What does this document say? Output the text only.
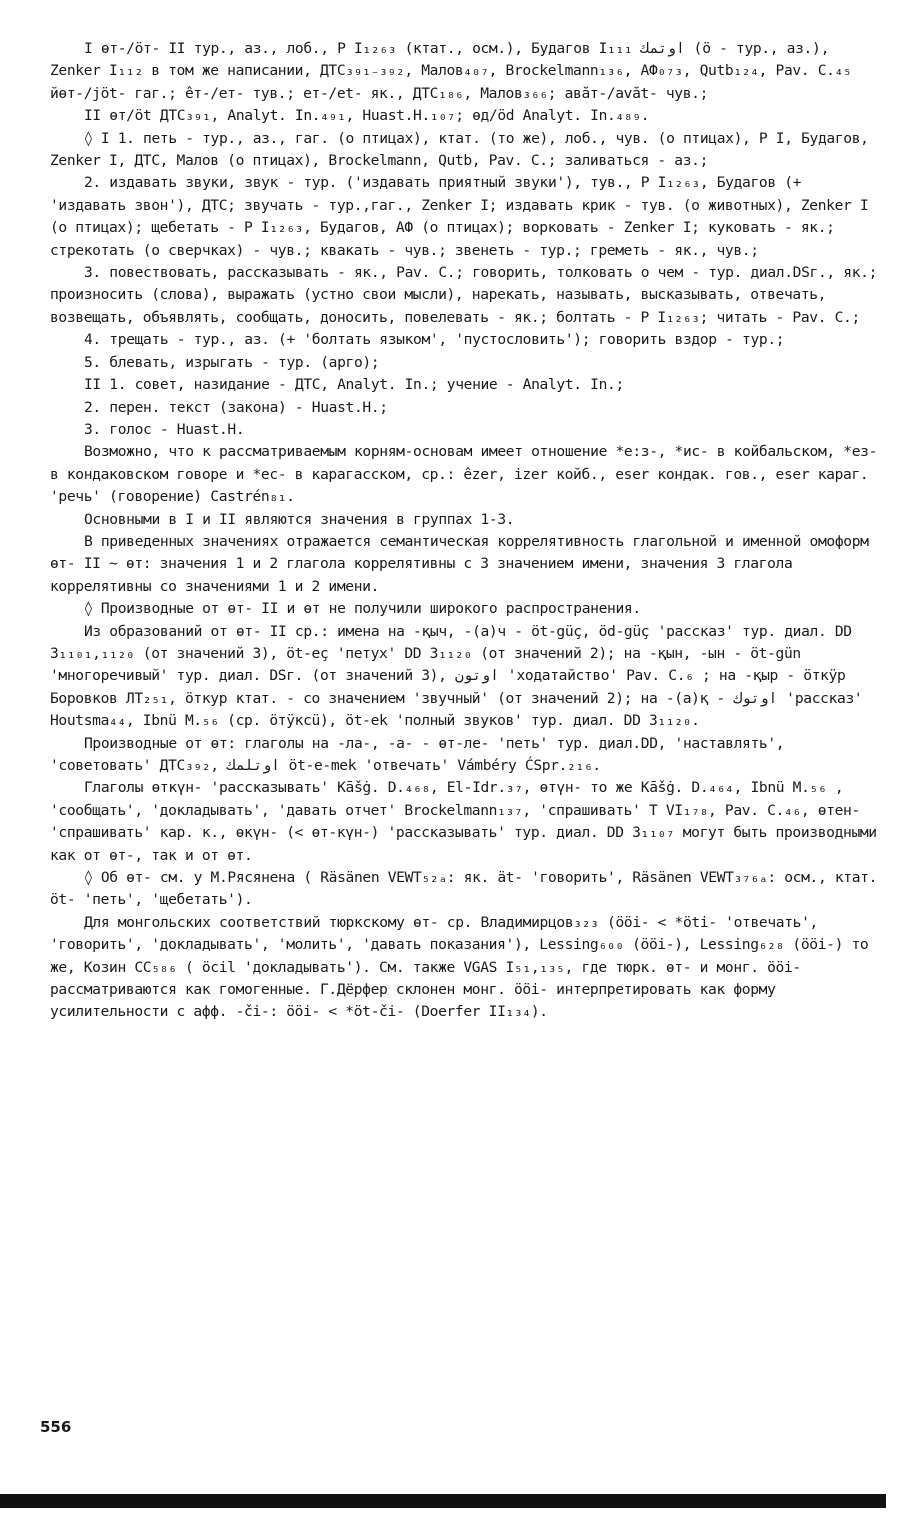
I өт-/öт- II тур., аз., лоб., Р I₁₂₆₃ (ктат., осм.), Будагов I₁₁₁ اوتمك (ö - тур., аз.), Zenker I₁₁₂ в том же написании, ДТС₃₉₁₋₃₉₂, Малов₄₀₇, Brockelmann₁₃₆, АФ₀₇₃, Qutb₁₂₄, Pav. C.₄₅ йөт-/jöt- гаг.; е̂т-/ет- тув.; ет-/et- як., ДТС₁₈₆, Малов₃₆₆; авăт-/avăt- чув.;

II өт/öt ДТС₃₉₁, Analyt. In.₄₉₁, Huast.H.₁₀₇; өд/öd Analyt. In.₄₈₉.

◊ I 1. петь - тур., аз., гаг. (о птицах), ктат. (то же), лоб., чув. (о птицах), Р I, Будагов, Zenker I, ДТС, Малов (о птицах), Brockelmann, Qutb, Pav. C.; заливаться - аз.;

2. издавать звуки, звук - тур. ('издавать приятный звуки'), тув., Р I₁₂₆₃, Будагов (+ 'издавать звон'), ДТС; звучать - тур.,гаг., Zenker I; издавать крик - тув. (о животных), Zenker I (о птицах); щебетать - Р I₁₂₆₃, Будагов, АФ (о птицах); ворковать - Zenker I; куковать - як.; стрекотать (о сверчках) - чув.; квакать - чув.; звенеть - тур.; греметь - як., чув.;

3. повествовать, рассказывать - як., Pav. C.; говорить, толковать о чем - тур. диал.DSг., як.; произносить (слова), выражать (устно свои мысли), нарекать, называть, высказывать, отвечать, возвещать, объявлять, сообщать, доносить, повелевать - як.; болтать - Р I₁₂₆₃; читать - Pav. C.;

4. трещать - тур., аз. (+ 'болтать языком', 'пустословить'); говорить вздор - тур.;

5. блевать, изрыгать - тур. (арго);

II 1. совет, назидание - ДТС, Analyt. In.; учение - Analyt. In.;

2. перен. текст (закона) - Huast.H.;

3. голос - Huast.H.

Возможно, что к рассматриваемым корням-основам имеет отношение *е:з-, *ис- в койбальском, *ез- в кондаковском говоре и *ес- в карагасском, ср.: êzer, izer койб., eser кондак. гов., eser караг. 'речь' (говорение) Castrén₈₁.

Основными в I и II являются значения в группах 1-3.

В приведенных значениях отражается семантическая коррелятивность глагольной и именной омоформ өт- II ~ өт: значения 1 и 2 глагола коррелятивны с 3 значением имени, значения 3 глагола коррелятивны со значениями 1 и 2 имени.

◊ Производные от өт- II и өт не получили широкого распространения.

Из образований от өт- II ср.: имена на -қыч, -(а)ч - öt-güç, öd-güç 'рассказ' тур. диал. DD 3₁₁₀₁,₁₁₂₀ (от значений 3), öt-eç 'петух' DD 3₁₁₂₀ (от значений 2); на -қын, -ын - öt-gün 'многоречивый' тур. диал. DSг. (от значений 3), اوتون 'ходатайство' Pav. C.₆ ; на -қыр - öткӱр Боровков ЛТ₂₅₁, öткур ктат. - со значением 'звучный' (от значений 2); на -(а)қ - اوتوك 'рассказ' Houtsma₄₄, Ibnü M.₅₆ (ср. öтÿксü), öt-ek 'полный звуков' тур. диал. DD 3₁₁₂₀.

Производные от өт: глаголы на -ла-, -а- - өт-ле- 'петь' тур. диал.DD, 'наставлять', 'советовать' ДТС₃₉₂, اوتلمك öt-e-mek 'отвечать' Vámbéry ĆSpr.₂₁₆.

Глаголы өткүн- 'рассказывать' Kāšġ. D.₄₆₈, El-Idr.₃₇, өтүн- то же Kāšġ. D.₄₆₄, Ibnü M.₅₆ , 'сообщать', 'докладывать', 'давать отчет' Brockelmann₁₃₇, 'спрашивать' T VI₁₇₈, Pav. C.₄₆, өтен- 'спрашивать' кар. к., өкүн- (< өт-күн-) 'рассказывать' тур. диал. DD 3₁₁₀₇ могут быть производными как от өт-, так и от өт.

◊ Об өт- см. у М.Рясянена ( Räsänen VEWT₅₂ₐ: як. ät- 'говорить', Räsänen VEWT₃₇₆ₐ: осм., ктат. öt- 'петь', 'щебетать').

Для монгольских соответствий тюркскому өт- ср. Владимирцов₃₂₃ (ööi- < *öti- 'отвечать', 'говорить', 'докладывать', 'молить', 'давать показания'), Lessing₆₀₀ (ööi-), Lessing₆₂₈ (ööi-) то же, Козин СС₅₈₆ ( öcil 'докладывать'). См. также VGAS I₅₁,₁₃₅, где тюрк. өт- и монг. ööi- рассматриваются как гомогенные. Г.Дёрфер склонен монг. ööi- интерпретировать как форму усилительности с афф. -či-: ööi- < *öt-či- (Doerfer II₁₃₄).

556
